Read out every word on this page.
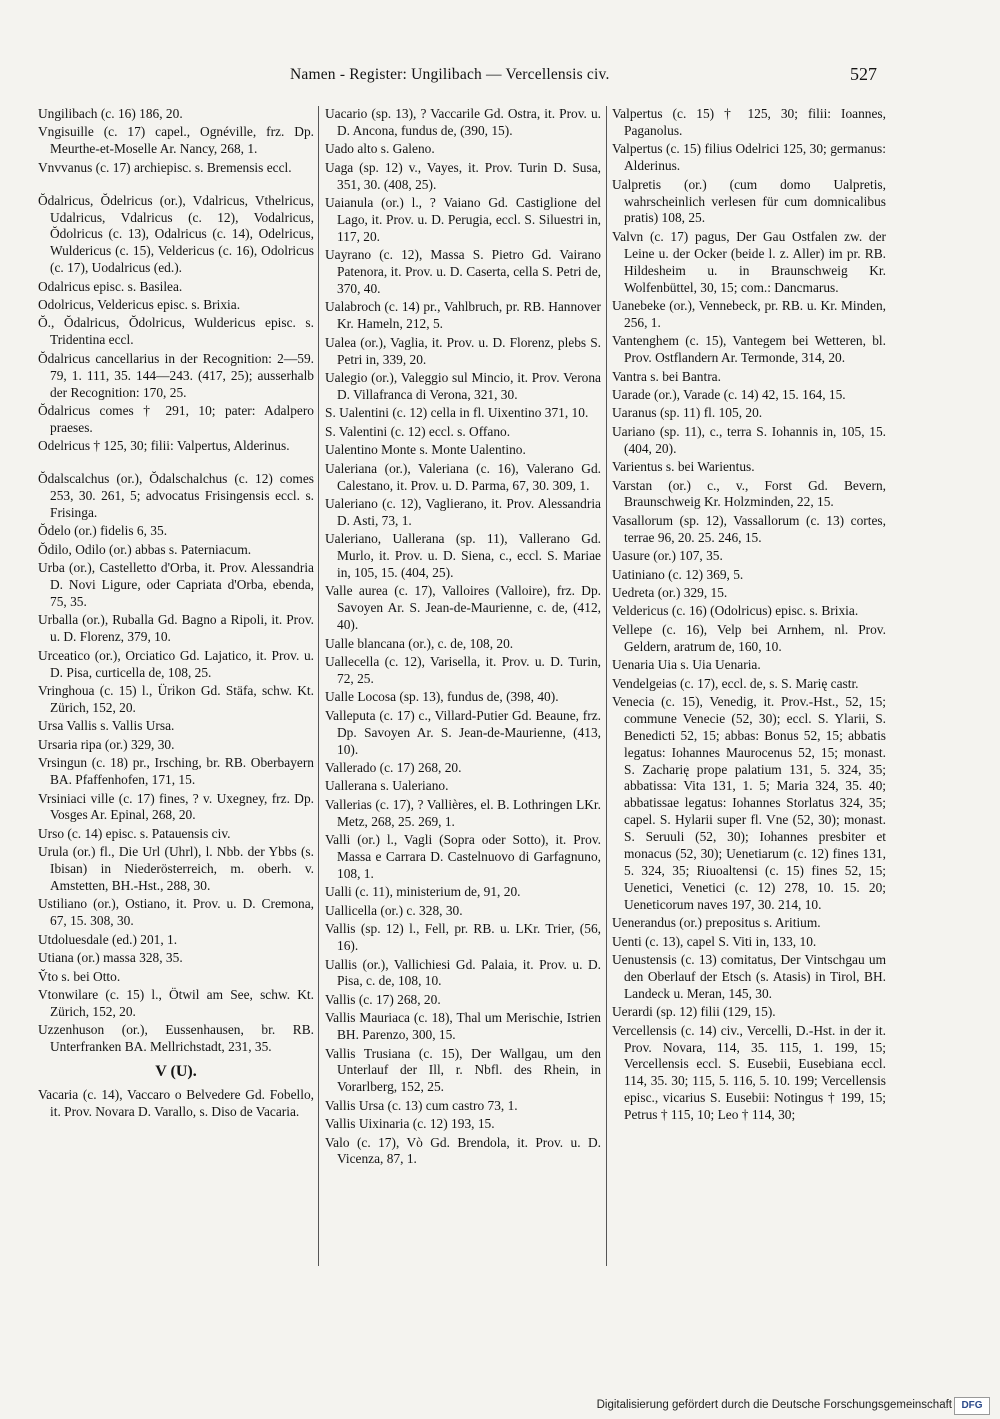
Namen - Register: Ungilibach — Vercellensis civ.	527
Ungilibach (c. 16) 186, 20.
Vngisuille (c. 17) capel., Ognéville, frz. Dp. Meurthe-et-Moselle Ar. Nancy, 268, 1.
Vnvvanus (c. 17) archiepisc. s. Bremensis eccl.
Ŏdalricus, Ŏdelricus (or.), Vdalricus, Vthelricus, Udalricus, Vdalricus (c. 12), Vodalricus, Ŏdolricus (c. 13), Odalricus (c. 14), Odelricus, Wuldericus (c. 15), Veldericus (c. 16), Odolricus (c. 17), Uodalricus (ed.).
Odalricus episc. s. Basilea.
Odolricus, Veldericus episc. s. Brixia.
Ŏ., Ŏdalricus, Ŏdolricus, Wuldericus episc. s. Tridentina eccl.
Ŏdalricus cancellarius in der Recognition: 2—59. 79, 1. 111, 35. 144—243. (417, 25); ausserhalb der Recognition: 170, 25.
Ŏdalricus comes † 291, 10; pater: Adalpero praeses.
Odelricus † 125, 30; filii: Valpertus, Alderinus.
Ŏdalscalchus (or.), Ŏdalschalchus (c. 12) comes 253, 30. 261, 5; advocatus Frisingensis eccl. s. Frisinga.
Ŏdelo (or.) fidelis 6, 35.
Ŏdilo, Odilo (or.) abbas s. Paterniacum.
Urba (or.), Castelletto d'Orba, it. Prov. Alessandria D. Novi Ligure, oder Capriata d'Orba, ebenda, 75, 35.
Urballa (or.), Ruballa Gd. Bagno a Ripoli, it. Prov. u. D. Florenz, 379, 10.
Urceatico (or.), Orciatico Gd. Lajatico, it. Prov. u. D. Pisa, curticella de, 108, 25.
Vringhoua (c. 15) l., Ürikon Gd. Stäfa, schw. Kt. Zürich, 152, 20.
Ursa Vallis s. Vallis Ursa.
Ursaria ripa (or.) 329, 30.
Vrsingun (c. 18) pr., Irsching, br. RB. Oberbayern BA. Pfaffenhofen, 171, 15.
Vrsiniaci ville (c. 17) fines, ? v. Uxegney, frz. Dp. Vosges Ar. Epinal, 268, 20.
Urso (c. 14) episc. s. Patauensis civ.
Urula (or.) fl., Die Url (Uhrl), l. Nbb. der Ybbs (s. Ibisan) in Niederösterreich, m. oberh. v. Amstetten, BH.-Hst., 288, 30.
Ustiliano (or.), Ostiano, it. Prov. u. D. Cremona, 67, 15. 308, 30.
Utdoluesdale (ed.) 201, 1.
Utiana (or.) massa 328, 35.
V̌to s. bei Otto.
Vtonwilare (c. 15) l., Ötwil am See, schw. Kt. Zürich, 152, 20.
Uzzenhuson (or.), Eussenhausen, br. RB. Unterfranken BA. Mellrichstadt, 231, 35.
V (U).
Vacaria (c. 14), Vaccaro o Belvedere Gd. Fobello, it. Prov. Novara D. Varallo, s. Diso de Vacaria.
Uacario (sp. 13), ? Vaccarile Gd. Ostra, it. Prov. u. D. Ancona, fundus de, (390, 15).
Uado alto s. Galeno.
Uaga (sp. 12) v., Vayes, it. Prov. Turin D. Susa, 351, 30. (408, 25).
Uaianula (or.) l., ? Vaiano Gd. Castiglione del Lago, it. Prov. u. D. Perugia, eccl. S. Siluestri in, 117, 20.
Uayrano (c. 12), Massa S. Pietro Gd. Vairano Patenora, it. Prov. u. D. Caserta, cella S. Petri de, 370, 40.
Ualabroch (c. 14) pr., Vahlbruch, pr. RB. Hannover Kr. Hameln, 212, 5.
Ualea (or.), Vaglia, it. Prov. u. D. Florenz, plebs S. Petri in, 339, 20.
Ualegio (or.), Valeggio sul Mincio, it. Prov. Verona D. Villafranca di Verona, 321, 30.
S. Ualentini (c. 12) cella in fl. Uixentino 371, 10.
S. Valentini (c. 12) eccl. s. Offano.
Ualentino Monte s. Monte Ualentino.
Ualeriana (or.), Valeriana (c. 16), Valerano Gd. Calestano, it. Prov. u. D. Parma, 67, 30. 309, 1.
Ualeriano (c. 12), Vaglierano, it. Prov. Alessandria D. Asti, 73, 1.
Ualeriano, Uallerana (sp. 11), Vallerano Gd. Murlo, it. Prov. u. D. Siena, c., eccl. S. Mariae in, 105, 15. (404, 25).
Valle aurea (c. 17), Valloires (Valloire), frz. Dp. Savoyen Ar. S. Jean-de-Maurienne, c. de, (412, 40).
Ualle blancana (or.), c. de, 108, 20.
Uallecella (c. 12), Varisella, it. Prov. u. D. Turin, 72, 25.
Ualle Locosa (sp. 13), fundus de, (398, 40).
Valleputa (c. 17) c., Villard-Putier Gd. Beaune, frz. Dp. Savoyen Ar. S. Jean-de-Maurienne, (413, 10).
Vallerado (c. 17) 268, 20.
Uallerana s. Ualeriano.
Vallerias (c. 17), ? Vallières, el. B. Lothringen LKr. Metz, 268, 25. 269, 1.
Valli (or.) l., Vagli (Sopra oder Sotto), it. Prov. Massa e Carrara D. Castelnuovo di Garfagnuno, 108, 1.
Ualli (c. 11), ministerium de, 91, 20.
Uallicella (or.) c. 328, 30.
Vallis (sp. 12) l., Fell, pr. RB. u. LKr. Trier, (56, 16).
Uallis (or.), Vallichiesi Gd. Palaia, it. Prov. u. D. Pisa, c. de, 108, 10.
Vallis (c. 17) 268, 20.
Vallis Mauriaca (c. 18), Thal um Merischie, Istrien BH. Parenzo, 300, 15.
Vallis Trusiana (c. 15), Der Wallgau, um den Unterlauf der Ill, r. Nbfl. des Rhein, in Vorarlberg, 152, 25.
Vallis Ursa (c. 13) cum castro 73, 1.
Vallis Uixinaria (c. 12) 193, 15.
Valo (c. 17), Vò Gd. Brendola, it. Prov. u. D. Vicenza, 87, 1.
Valpertus (c. 15) † 125, 30; filii: Ioannes, Paganolus.
Valpertus (c. 15) filius Odelrici 125, 30; germanus: Alderinus.
Ualpretis (or.) (cum domo Ualpretis, wahrscheinlich verlesen für cum domnicalibus pratis) 108, 25.
Valvn (c. 17) pagus, Der Gau Ostfalen zw. der Leine u. der Ocker (beide l. z. Aller) im pr. RB. Hildesheim u. in Braunschweig Kr. Wolfenbüttel, 30, 15; com.: Dancmarus.
Uanebeke (or.), Vennebeck, pr. RB. u. Kr. Minden, 256, 1.
Vantenghem (c. 15), Vantegem bei Wetteren, bl. Prov. Ostflandern Ar. Termonde, 314, 20.
Vantra s. bei Bantra.
Uarade (or.), Varade (c. 14) 42, 15. 164, 15.
Uaranus (sp. 11) fl. 105, 20.
Uariano (sp. 11), c., terra S. Iohannis in, 105, 15. (404, 20).
Varientus s. bei Warientus.
Varstan (or.) c., v., Forst Gd. Bevern, Braunschweig Kr. Holzminden, 22, 15.
Vasallorum (sp. 12), Vassallorum (c. 13) cortes, terrae 96, 20. 25. 246, 15.
Uasure (or.) 107, 35.
Uatiniano (c. 12) 369, 5.
Uedreta (or.) 329, 15.
Veldericus (c. 16) (Odolricus) episc. s. Brixia.
Vellepe (c. 16), Velp bei Arnhem, nl. Prov. Geldern, aratrum de, 160, 10.
Uenaria Uia s. Uia Uenaria.
Vendelgeias (c. 17), eccl. de, s. S. Marię castr.
Venecia (c. 15), Venedig, it. Prov.-Hst., 52, 15; commune Venecie (52, 30); eccl. S. Ylarii, S. Benedicti 52, 15; abbas: Bonus 52, 15; abbatis legatus: Iohannes Maurocenus 52, 15; monast. S. Zacharię prope palatium 131, 5. 324, 35; abbatissa: Vita 131, 1. 5; Maria 324, 35. 40; abbatissae legatus: Iohannes Storlatus 324, 35; capel. S. Hylarii super fl. Vne (52, 30); monast. S. Seruuli (52, 30); Iohannes presbiter et monacus (52, 30); Uenetiarum (c. 12) fines 131, 5. 324, 35; Riuoaltensi (c. 15) fines 52, 15; Uenetici, Venetici (c. 12) 278, 10. 15. 20; Ueneticorum naves 197, 30. 214, 10.
Uenerandus (or.) prepositus s. Aritium.
Uenti (c. 13), capel S. Viti in, 133, 10.
Uenustensis (c. 13) comitatus, Der Vintschgau um den Oberlauf der Etsch (s. Atasis) in Tirol, BH. Landeck u. Meran, 145, 30.
Uerardi (sp. 12) filii (129, 15).
Vercellensis (c. 14) civ., Vercelli, D.-Hst. in der it. Prov. Novara, 114, 35. 115, 1. 199, 15; Vercellensis eccl. S. Eusebii, Eusebiana eccl. 114, 35. 30; 115, 5. 116, 5. 10. 199; Vercellensis episc., vicarius S. Eusebii: Notingus † 199, 15; Petrus † 115, 10; Leo † 114, 30;
Digitalisierung gefördert durch die Deutsche Forschungsgemeinschaft DFG
